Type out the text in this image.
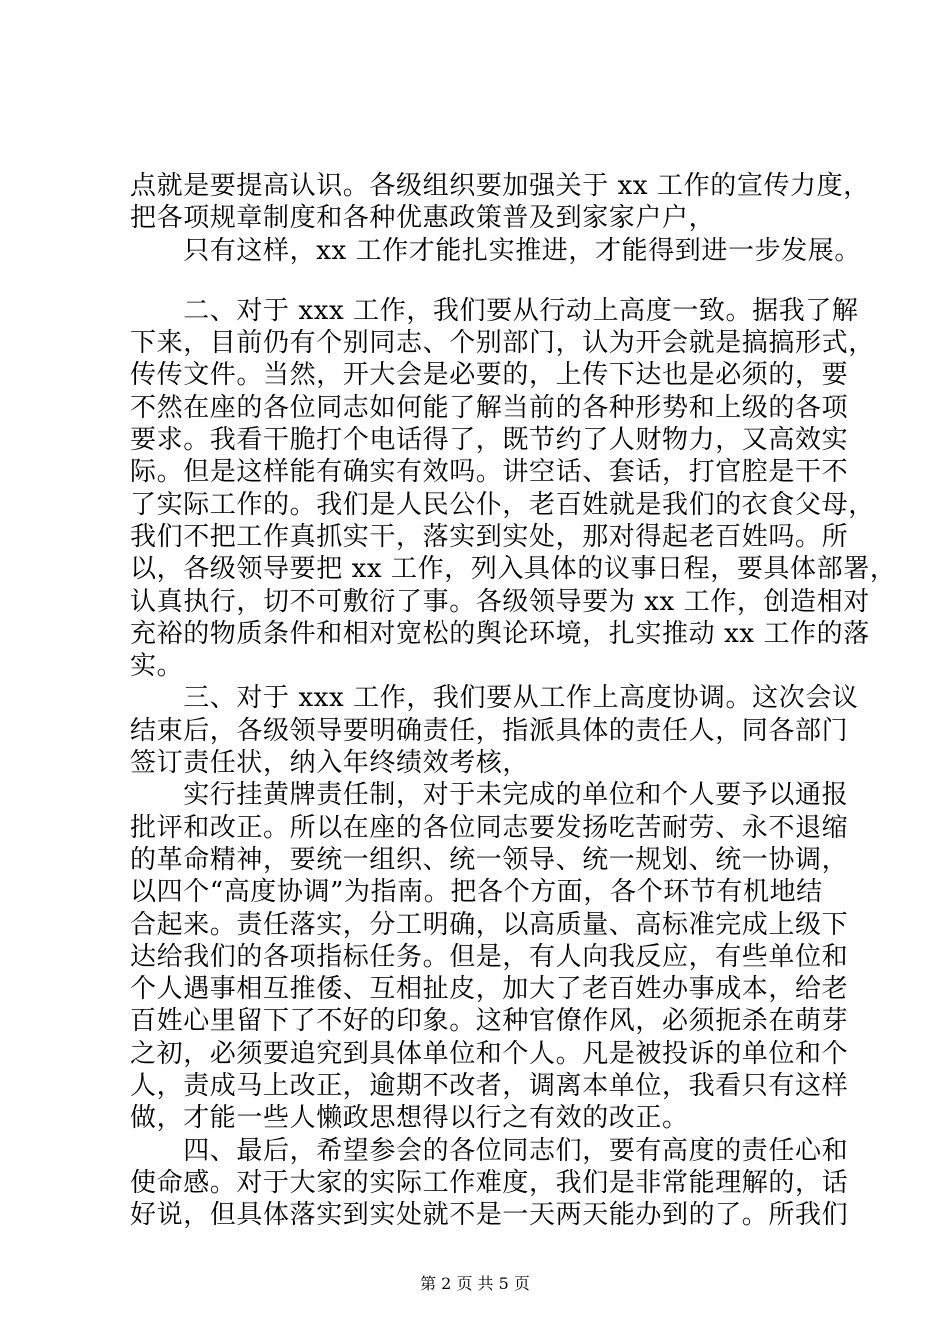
点就是要提高认识。各级组织要加强关于 xx 工作的宣传力度，
把各项规章制度和各种优惠政策普及到家家户户，
　　只有这样，xx 工作才能扎实推进，才能得到进一步发展。
　　二、对于 xxx 工作，我们要从行动上高度一致。据我了解
下来，目前仍有个别同志、个别部门，认为开会就是搞搞形式，
传传文件。当然，开大会是必要的，上传下达也是必须的，要
不然在座的各位同志如何能了解当前的各种形势和上级的各项
要求。我看干脆打个电话得了，既节约了人财物力，又高效实
际。但是这样能有确实有效吗。讲空话、套话，打官腔是干不
了实际工作的。我们是人民公仆，老百姓就是我们的衣食父母，
我们不把工作真抓实干，落实到实处，那对得起老百姓吗。所
以，各级领导要把 xx 工作，列入具体的议事日程，要具体部署，
认真执行，切不可敷衍了事。各级领导要为 xx 工作，创造相对
充裕的物质条件和相对宽松的舆论环境，扎实推动 xx 工作的落
实。
　　三、对于 xxx 工作，我们要从工作上高度协调。这次会议
结束后，各级领导要明确责任，指派具体的责任人，同各部门
签订责任状，纳入年终绩效考核，
　　实行挂黄牌责任制，对于未完成的单位和个人要予以通报
批评和改正。所以在座的各位同志要发扬吃苦耐劳、永不退缩
的革命精神，要统一组织、统一领导、统一规划、统一协调，
以四个“高度协调”为指南。把各个方面，各个环节有机地结
合起来。责任落实，分工明确，以高质量、高标准完成上级下
达给我们的各项指标任务。但是，有人向我反应，有些单位和
个人遇事相互推倭、互相扯皮，加大了老百姓办事成本，给老
百姓心里留下了不好的印象。这种官僚作风，必须扼杀在萌芽
之初，必须要追究到具体单位和个人。凡是被投诉的单位和个
人，责成马上改正，逾期不改者，调离本单位，我看只有这样
做，才能一些人懒政思想得以行之有效的改正。
　　四、最后，希望参会的各位同志们，要有高度的责任心和
使命感。对于大家的实际工作难度，我们是非常能理解的，话
好说，但具体落实到实处就不是一天两天能办到的了。所我们
第 2 页 共 5 页
